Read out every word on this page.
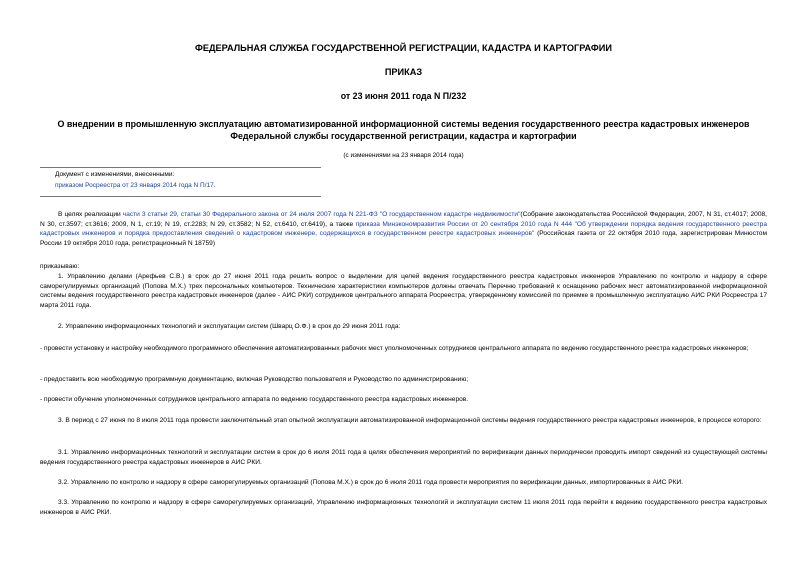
ФЕДЕРАЛЬНАЯ СЛУЖБА ГОСУДАРСТВЕННОЙ РЕГИСТРАЦИИ, КАДАСТРА И КАРТОГРАФИИ
ПРИКАЗ
от 23 июня 2011 года N П/232
О внедрении в промышленную эксплуатацию автоматизированной информационной системы ведения государственного реестра кадастровых инженеров Федеральной службы государственной регистрации, кадастра и картографии
(с изменениями на 23 января 2014 года)
Документ с изменениями, внесенными:
приказом Росреестра от 23 января 2014 года N П/17.

В целях реализации части 3 статьи 29, статьи 30 Федерального закона от 24 июля 2007 года N 221-ФЗ "О государственном кадастре недвижимости"(Собрание законодательства Российской Федерации, 2007, N 31, ст.4017; 2008, N 30, ст.3597; ст.3616; 2009, N 1, ст.19; N 19, ст.2283; N 29, ст.3582; N 52, ст.6410, ст.6419), а также приказа Минэкономразвития России от 20 сентября 2010 года N 444 "Об утверждении порядка ведения государственного реестра кадастровых инженеров и порядка предоставления сведений о кадастровом инженере, содержащихся в государственном реестре кадастровых инженеров" (Российская газета от 22 октября 2010 года, зарегистрирован Минюстом России 19 октября 2010 года, регистрационный N 18759)

приказываю:

1. Управлению делами (Арефьев С.В.) в срок до 27 июня 2011 года решить вопрос о выделении для целей ведения государственного реестра кадастровых инженеров Управлению по контролю и надзору в сфере саморегулируемых организаций (Попова М.Х.) трех персональных компьютеров. Технические характеристики компьютеров должны отвечать Перечню требований к оснащению рабочих мест автоматизированной информационной системы ведения государственного реестра кадастровых инженеров (далее - АИС РКИ) сотрудников центрального аппарата Росреестра, утвержденному комиссией по приемке в промышленную эксплуатацию АИС РКИ Росреестра 17 марта 2011 года.

2. Управлению информационных технологий и эксплуатации систем (Шварц О.Ф.) в срок до 29 июня 2011 года:

- провести установку и настройку необходимого программного обеспечения автоматизированных рабочих мест уполномоченных сотрудников центрального аппарата по ведению государственного реестра кадастровых инженеров;

- предоставить всю необходимую программную документацию, включая Руководство пользователя и Руководство по администрированию;

- провести обучение уполномоченных сотрудников центрального аппарата по ведению государственного реестра кадастровых инженеров.

3. В период с 27 июня по 8 июля 2011 года провести заключительный этап опытной эксплуатации автоматизированной информационной системы ведения государственного реестра кадастровых инженеров, в процессе которого:

3.1. Управлению информационных технологий и эксплуатации систем в срок до 6 июля 2011 года в целях обеспечения мероприятий по верификации данных периодически проводить импорт сведений из существующей системы ведения государственного реестра кадастровых инженеров в АИС РКИ.

3.2. Управлению по контролю и надзору в сфере саморегулируемых организаций (Попова М.Х.) в срок до 6 июля 2011 года провести мероприятия по верификации данных, импортированных в АИС РКИ.

3.3. Управлению по контролю и надзору в сфере саморегулируемых организаций, Управлению информационных технологий и эксплуатации систем 11 июля 2011 года перейти к ведению государственного реестра кадастровых инженеров в АИС РКИ.
